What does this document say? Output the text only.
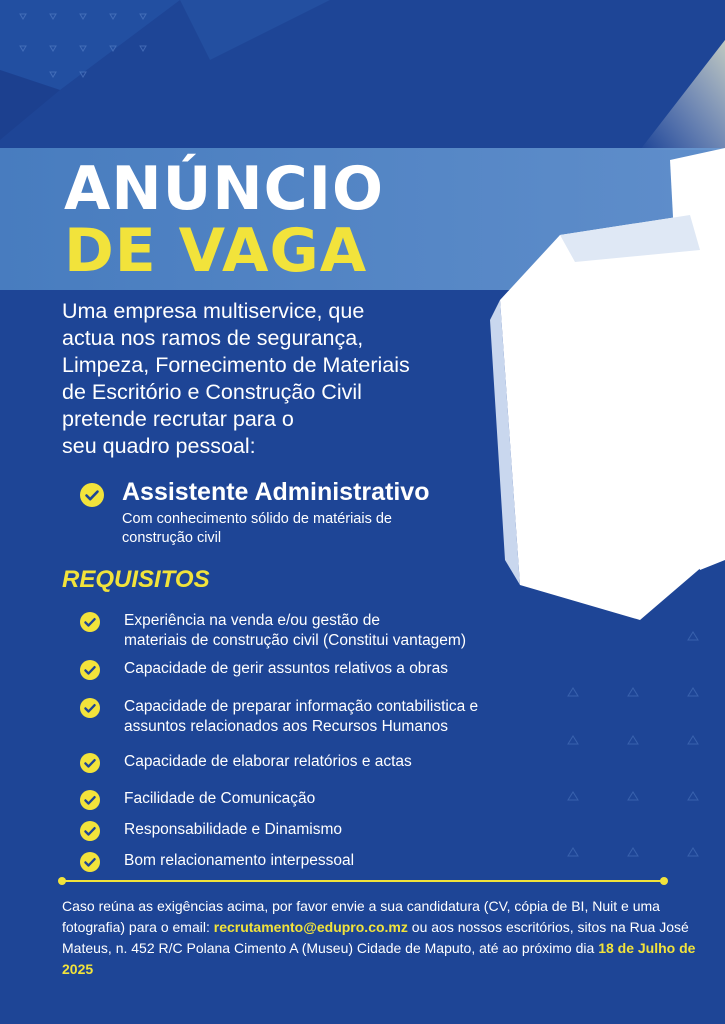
ANÚNCIO
DE VAGA

Uma empresa multiservice, que
actua nos ramos de segurança,
Limpeza, Fornecimento de Materiais
de Escritório e Construção Civil
pretende recrutar para o
seu quadro pessoal:

Assistente Administrativo
Com conhecimento sólido de matériais de
construção civil
REQUISITOS
Experiência na venda e/ou gestão de
materiais de construção civil (Constitui vantagem)
Capacidade de gerir assuntos relativos a obras
Capacidade de preparar informação contabilistica e
assuntos relacionados aos Recursos Humanos
Capacidade de elaborar relatórios e actas
Facilidade de Comunicação
Responsabilidade e Dinamismo
Bom relacionamento interpessoal

Caso reúna as exigências acima, por favor envie a sua candidatura (CV, cópia de BI, Nuit e uma fotografia) para o email: recrutamento@edupro.co.mz ou aos nossos escritórios, sitos na Rua José Mateus, n. 452 R/C Polana Cimento A (Museu) Cidade de Maputo, até ao próximo dia 18 de Julho de 2025
